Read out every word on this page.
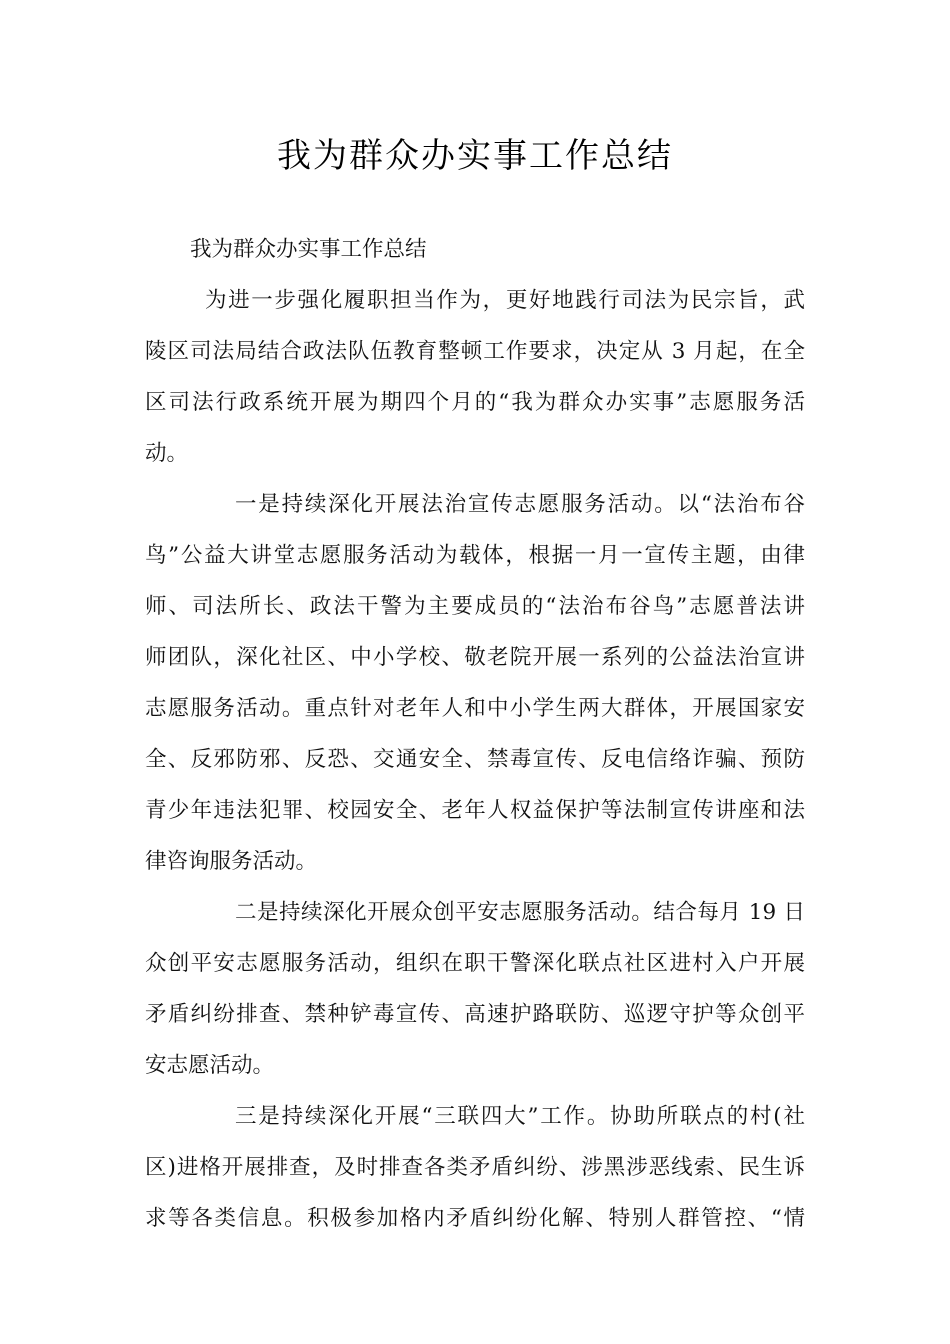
我为群众办实事工作总结
我为群众办实事工作总结
为进一步强化履职担当作为，更好地践行司法为民宗旨，武
陵区司法局结合政法队伍教育整顿工作要求，决定从 3 月起，在全
区司法行政系统开展为期四个月的“我为群众办实事”志愿服务活
动。
一是持续深化开展法治宣传志愿服务活动。以“法治布谷
鸟”公益大讲堂志愿服务活动为载体，根据一月一宣传主题，由律
师、司法所长、政法干警为主要成员的“法治布谷鸟”志愿普法讲
师团队，深化社区、中小学校、敬老院开展一系列的公益法治宣讲
志愿服务活动。重点针对老年人和中小学生两大群体，开展国家安
全、反邪防邪、反恐、交通安全、禁毒宣传、反电信络诈骗、预防
青少年违法犯罪、校园安全、老年人权益保护等法制宣传讲座和法
律咨询服务活动。
二是持续深化开展众创平安志愿服务活动。结合每月 19 日
众创平安志愿服务活动，组织在职干警深化联点社区进村入户开展
矛盾纠纷排查、禁种铲毒宣传、高速护路联防、巡逻守护等众创平
安志愿活动。
三是持续深化开展“三联四大”工作。协助所联点的村(社
区)进格开展排查，及时排查各类矛盾纠纷、涉黑涉恶线索、民生诉
求等各类信息。积极参加格内矛盾纠纷化解、特别人群管控、“情
